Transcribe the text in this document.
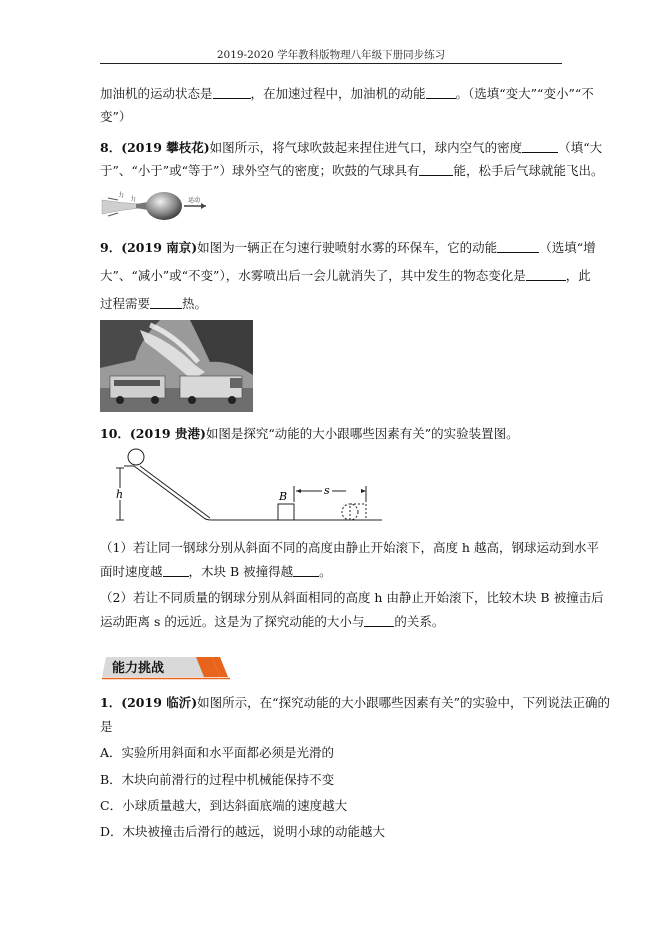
2019-2020 学年教科版物理八年级下册同步练习
加油机的运动状态是	，在加速过程中，加油机的动能 。（选填“变大”“变小”“不
变”）
8．(2019 攀枝花)如图所示，将气球吹鼓起来捏住进气口，球内空气的密度	（填“大
于”、“小于”或“等于”）球外空气的密度；吹鼓的气球具有	能，松手后气球就能飞出。
力
力	运动
9．(2019 南京)如图为一辆正在匀速行驶喷射水雾的环保车，它的动能	（选填“增
大”、“减小”或“不变”），水雾喷出后一会儿就消失了，其中发生的物态变化是	，此
过程需要	热。
10．(2019 贵港)如图是探究“动能的大小跟哪些因素有关”的实验装置图。
h	B	s
（1）若让同一钢球分别从斜面不同的高度由静止开始滚下，高度 h 越高，钢球运动到水平
面时速度越 ，木块 B 被撞得越 。
（2）若让不同质量的钢球分别从斜面相同的高度 h 由静止开始滚下，比较木块 B 被撞击后
运动距离 s 的远近。这是为了探究动能的大小与 的关系。
能力挑战
1．(2019 临沂)如图所示，在“探究动能的大小跟哪些因素有关”的实验中，下列说法正确的
是
A．实验所用斜面和水平面都必须是光滑的
B．木块向前滑行的过程中机械能保持不变
C．小球质量越大，到达斜面底端的速度越大
D．木块被撞击后滑行的越远，说明小球的动能越大
